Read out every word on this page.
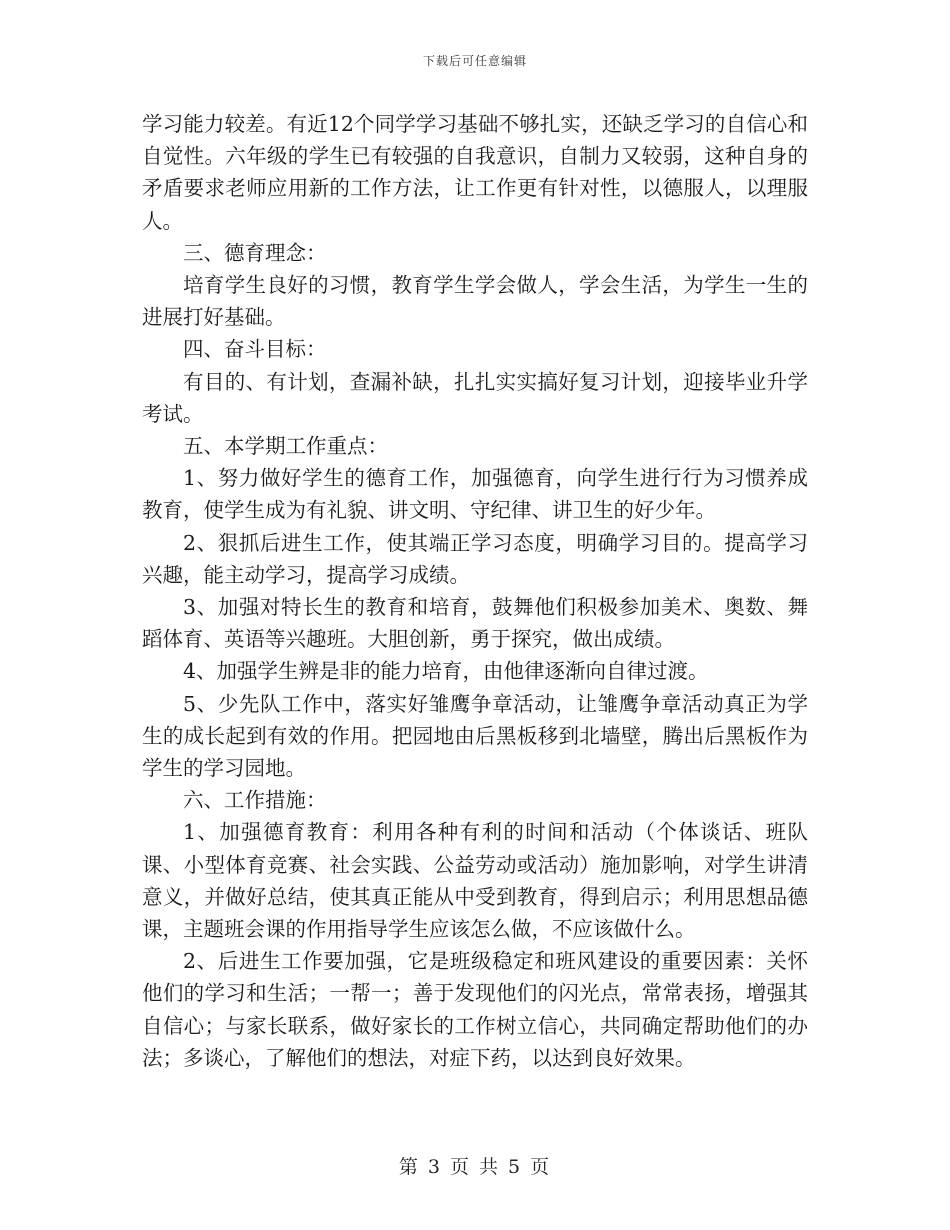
下载后可任意编辑

学习能力较差。有近12个同学学习基础不够扎实，还缺乏学习的自信心和自觉性。六年级的学生已有较强的自我意识，自制力又较弱，这种自身的矛盾要求老师应用新的工作方法，让工作更有针对性，以德服人，以理服人。

三、德育理念：

培育学生良好的习惯，教育学生学会做人，学会生活，为学生一生的进展打好基础。

四、奋斗目标：

有目的、有计划，查漏补缺，扎扎实实搞好复习计划，迎接毕业升学考试。

五、本学期工作重点：

1、努力做好学生的德育工作，加强德育，向学生进行行为习惯养成教育，使学生成为有礼貌、讲文明、守纪律、讲卫生的好少年。

2、狠抓后进生工作，使其端正学习态度，明确学习目的。提高学习兴趣，能主动学习，提高学习成绩。

3、加强对特长生的教育和培育，鼓舞他们积极参加美术、奥数、舞蹈体育、英语等兴趣班。大胆创新，勇于探究，做出成绩。

4、加强学生辨是非的能力培育，由他律逐渐向自律过渡。

5、少先队工作中，落实好雏鹰争章活动，让雏鹰争章活动真正为学生的成长起到有效的作用。把园地由后黑板移到北墙壁，腾出后黑板作为学生的学习园地。

六、工作措施：

1、加强德育教育：利用各种有利的时间和活动（个体谈话、班队课、小型体育竞赛、社会实践、公益劳动或活动）施加影响，对学生讲清意义，并做好总结，使其真正能从中受到教育，得到启示；利用思想品德课，主题班会课的作用指导学生应该怎么做，不应该做什么。

2、后进生工作要加强，它是班级稳定和班风建设的重要因素：关怀他们的学习和生活；一帮一；善于发现他们的闪光点，常常表扬，增强其自信心；与家长联系，做好家长的工作树立信心，共同确定帮助他们的办法；多谈心，了解他们的想法，对症下药，以达到良好效果。

第 3 页 共 5 页
